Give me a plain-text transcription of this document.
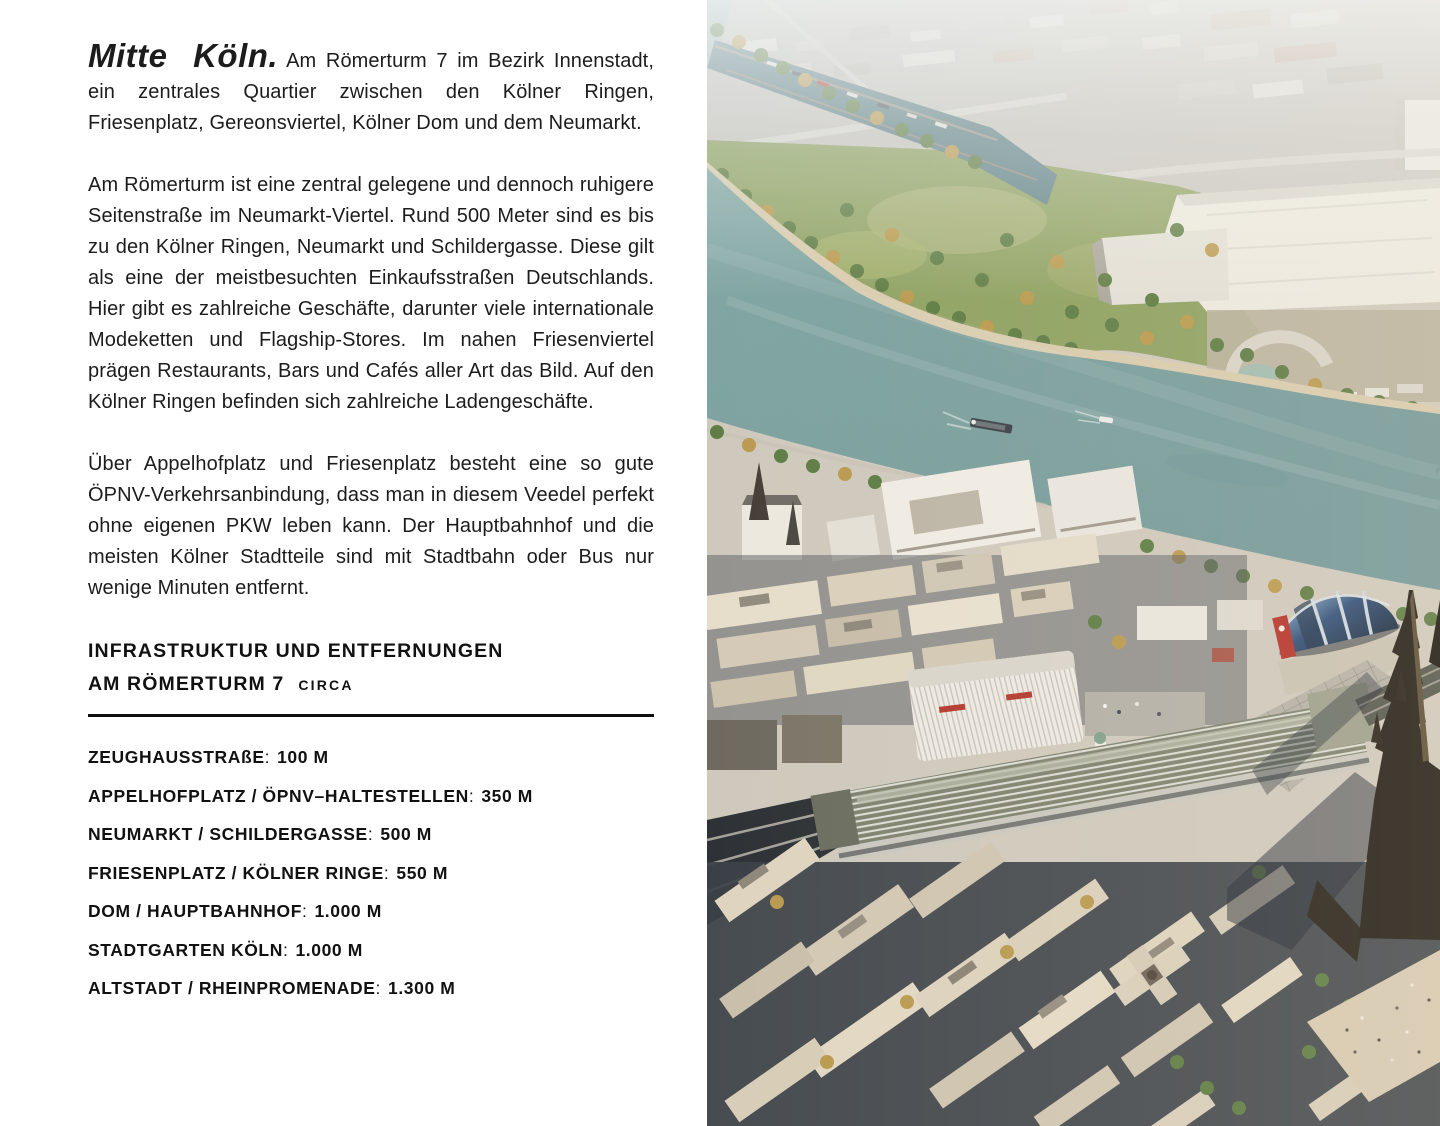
Mitte Köln. Am Römerturm 7 im Bezirk Innenstadt, ein zentrales Quartier zwischen den Kölner Ringen, Friesenplatz, Gereonsviertel, Kölner Dom und dem Neumarkt.

Am Römerturm ist eine zentral gelegene und dennoch ruhigere Seitenstraße im Neumarkt-Viertel. Rund 500 Meter sind es bis zu den Kölner Ringen, Neumarkt und Schildergasse. Diese gilt als eine der meistbesuchten Einkaufsstraßen Deutschlands. Hier gibt es zahlreiche Geschäfte, darunter viele internationale Modeketten und Flagship-Stores. Im nahen Friesenviertel prägen Restaurants, Bars und Cafés aller Art das Bild. Auf den Kölner Ringen befinden sich zahlreiche Ladengeschäfte.

Über Appelhofplatz und Friesenplatz besteht eine so gute ÖPNV-Verkehrsanbindung, dass man in diesem Veedel perfekt ohne eigenen PKW leben kann. Der Hauptbahnhof und die meisten Kölner Stadtteile sind mit Stadtbahn oder Bus nur wenige Minuten entfernt.

INFRASTRUKTUR UND ENTFERNUNGEN
AM RÖMERTURM 7 CIRCA
ZEUGHAUSSTRAßE: 100 M
APPELHOFPLATZ / ÖPNV–HALTESTELLEN: 350 M
NEUMARKT / SCHILDERGASSE: 500 M
FRIESENPLATZ / KÖLNER RINGE: 550 M
DOM / HAUPTBAHNHOF: 1.000 M
STADTGARTEN KÖLN: 1.000 M
ALTSTADT / RHEINPROMENADE: 1.300 M
